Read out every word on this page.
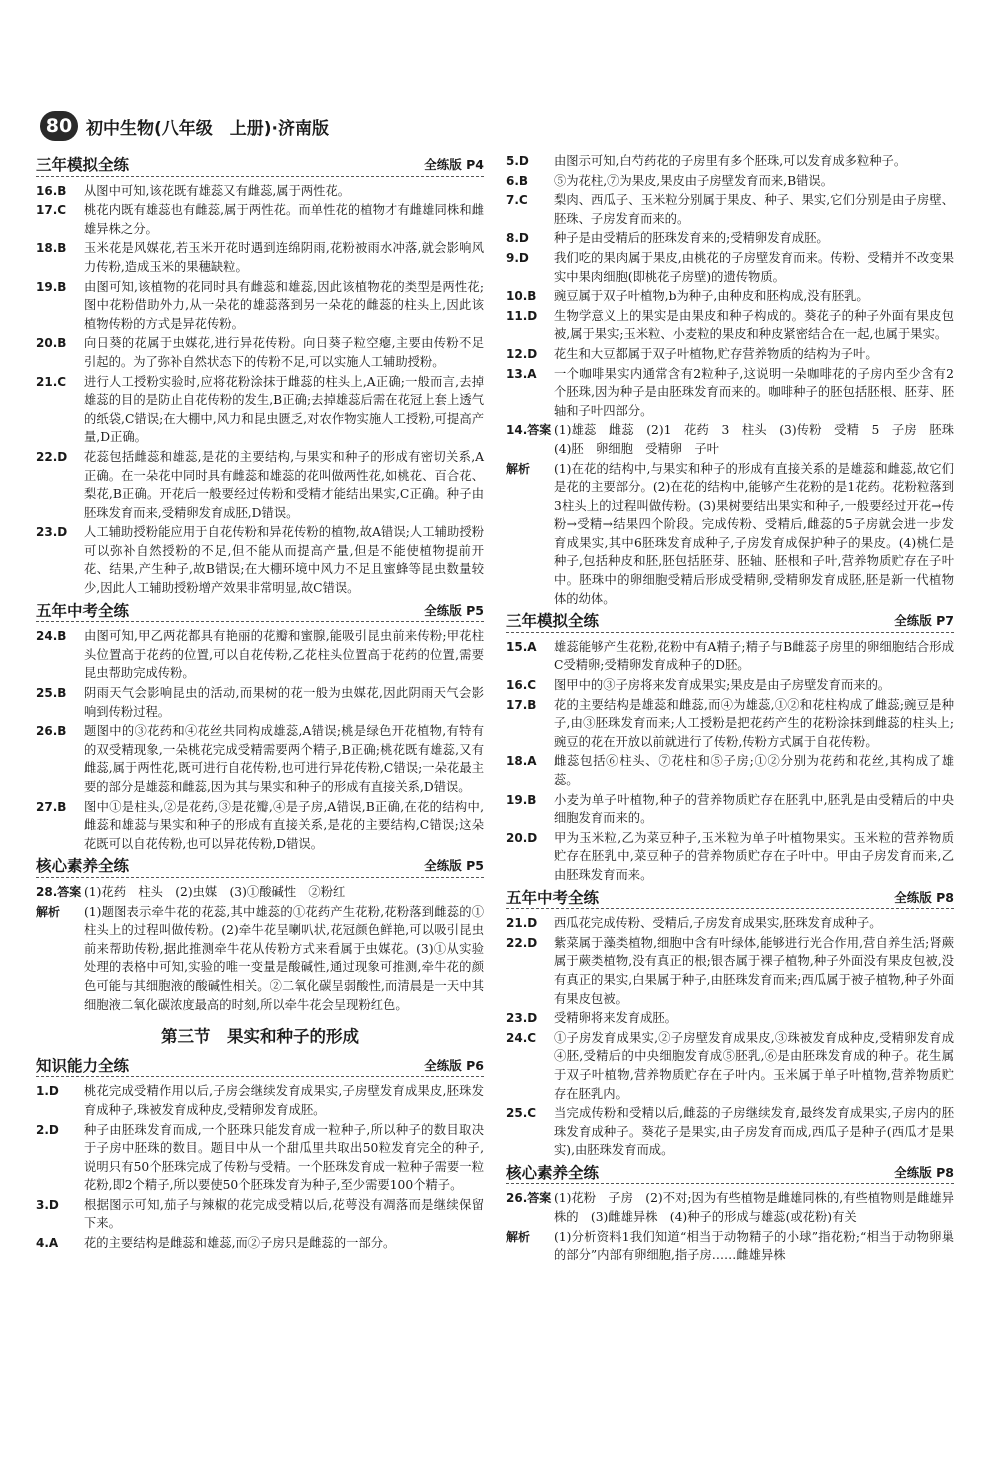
80 初中生物(八年级　上册)·济南版
三年模拟全练	全练版 P4
16.B	从图中可知,该花既有雄蕊又有雌蕊,属于两性花。
17.C	桃花内既有雄蕊也有雌蕊,属于两性花。而单性花的植物才有雌雄同株和雌雄异株之分。
18.B	玉米花是风媒花,若玉米开花时遇到连绵阴雨,花粉被雨水冲落,就会影响风力传粉,造成玉米的果穗缺粒。
19.B	由图可知,该植物的花同时具有雌蕊和雄蕊,因此该植物花的类型是两性花;图中花粉借助外力,从一朵花的雄蕊落到另一朵花的雌蕊的柱头上,因此该植物传粉的方式是异花传粉。
20.B	向日葵的花属于虫媒花,进行异花传粉。向日葵子粒空瘪,主要由传粉不足引起的。为了弥补自然状态下的传粉不足,可以实施人工辅助授粉。
21.C	进行人工授粉实验时,应将花粉涂抹于雌蕊的柱头上,A正确;一般而言,去掉雄蕊的目的是防止自花传粉的发生,B正确;去掉雄蕊后需在花冠上套上透气的纸袋,C错误;在大棚中,风力和昆虫匮乏,对农作物实施人工授粉,可提高产量,D正确。
22.D	花蕊包括雌蕊和雄蕊,是花的主要结构,与果实和种子的形成有密切关系,A正确。在一朵花中同时具有雌蕊和雄蕊的花叫做两性花,如桃花、百合花、梨花,B正确。开花后一般要经过传粉和受精才能结出果实,C正确。种子由胚珠发育而来,受精卵发育成胚,D错误。
23.D	人工辅助授粉能应用于自花传粉和异花传粉的植物,故A错误;人工辅助授粉可以弥补自然授粉的不足,但不能从而提高产量,但是不能使植物提前开花、结果,产生种子,故B错误;在大棚环境中风力不足且蜜蜂等昆虫数量较少,因此人工辅助授粉增产效果非常明显,故C错误。
五年中考全练	全练版 P5
24.B	由图可知,甲乙两花都具有艳丽的花瓣和蜜腺,能吸引昆虫前来传粉;甲花柱头位置高于花药的位置,可以自花传粉,乙花柱头位置高于花药的位置,需要昆虫帮助完成传粉。
25.B	阴雨天气会影响昆虫的活动,而果树的花一般为虫媒花,因此阴雨天气会影响到传粉过程。
26.B	题图中的③花药和④花丝共同构成雄蕊,A错误;桃是绿色开花植物,有特有的双受精现象,一朵桃花完成受精需要两个精子,B正确;桃花既有雄蕊,又有雌蕊,属于两性花,既可进行自花传粉,也可进行异花传粉,C错误;一朵花最主要的部分是雄蕊和雌蕊,因为其与果实和种子的形成有直接关系,D错误。
27.B	图中①是柱头,②是花药,③是花瓣,④是子房,A错误,B正确,在花的结构中,雌蕊和雄蕊与果实和种子的形成有直接关系,是花的主要结构,C错误;这朵花既可以自花传粉,也可以异花传粉,D错误。
核心素养全练	全练版 P5
28.答案 (1)花药　柱头　(2)虫媒　(3)①酸碱性　②粉红
解析	(1)题图表示牵牛花的花蕊,其中雄蕊的①花药产生花粉,花粉落到雌蕊的①柱头上的过程叫做传粉。(2)牵牛花呈喇叭状,花冠颜色鲜艳,可以吸引昆虫前来帮助传粉,据此推测牵牛花从传粉方式来看属于虫媒花。(3)①从实验处理的表格中可知,实验的唯一变量是酸碱性,通过现象可推测,牵牛花的颜色可能与其细胞液的酸碱性相关。②二氧化碳呈弱酸性,而清晨是一天中其细胞液二氧化碳浓度最高的时刻,所以牵牛花会呈现粉红色。
第三节　果实和种子的形成
知识能力全练	全练版 P6
1.D	桃花完成受精作用以后,子房会继续发育成果实,子房壁发育成果皮,胚珠发育成种子,珠被发育成种皮,受精卵发育成胚。
2.D	种子由胚珠发育而成,一个胚珠只能发育成一粒种子,所以种子的数目取决于子房中胚珠的数目。题目中从一个甜瓜里共取出50粒发育完全的种子,说明只有50个胚珠完成了传粉与受精。一个胚珠发育成一粒种子需要一粒花粉,即2个精子,所以要使50个胚珠发育为种子,至少需要100个精子。
3.D	根据图示可知,茄子与辣椒的花完成受精以后,花萼没有凋落而是继续保留下来。
4.A	花的主要结构是雌蕊和雄蕊,而②子房只是雌蕊的一部分。
5.D	由图示可知,白芍药花的子房里有多个胚珠,可以发育成多粒种子。
6.B	⑤为花柱,⑦为果皮,果皮由子房壁发育而来,B错误。
7.C	梨肉、西瓜子、玉米粒分别属于果皮、种子、果实,它们分别是由子房壁、胚珠、子房发育而来的。
8.D	种子是由受精后的胚珠发育来的;受精卵发育成胚。
9.D	我们吃的果肉属于果皮,由桃花的子房壁发育而来。传粉、受精并不改变果实中果肉细胞(即桃花子房壁)的遗传物质。
10.B	豌豆属于双子叶植物,b为种子,由种皮和胚构成,没有胚乳。
11.D	生物学意义上的果实是由果皮和种子构成的。葵花子的种子外面有果皮包被,属于果实;玉米粒、小麦粒的果皮和种皮紧密结合在一起,也属于果实。
12.D	花生和大豆都属于双子叶植物,贮存营养物质的结构为子叶。
13.A	一个咖啡果实内通常含有2粒种子,这说明一朵咖啡花的子房内至少含有2个胚珠,因为种子是由胚珠发育而来的。咖啡种子的胚包括胚根、胚芽、胚轴和子叶四部分。
14.答案 (1)雄蕊　雌蕊　(2)1　花药　3　柱头　(3)传粉　受精　5　子房　胚珠　(4)胚　卵细胞　受精卵　子叶
解析	(1)在花的结构中,与果实和种子的形成有直接关系的是雄蕊和雌蕊,故它们是花的主要部分。(2)在花的结构中,能够产生花粉的是1花药。花粉粒落到3柱头上的过程叫做传粉。(3)果树要结出果实和种子,一般要经过开花→传粉→受精→结果四个阶段。完成传粉、受精后,雌蕊的5子房就会进一步发育成果实,其中6胚珠发育成种子,子房发育成保护种子的果皮。(4)桃仁是种子,包括种皮和胚,胚包括胚芽、胚轴、胚根和子叶,营养物质贮存在子叶中。胚珠中的卵细胞受精后形成受精卵,受精卵发育成胚,胚是新一代植物体的幼体。
三年模拟全练	全练版 P7
15.A	雄蕊能够产生花粉,花粉中有A精子;精子与B雌蕊子房里的卵细胞结合形成C受精卵;受精卵发育成种子的D胚。
16.C	图甲中的③子房将来发育成果实;果皮是由子房壁发育而来的。
17.B	花的主要结构是雄蕊和雌蕊,而④为雄蕊,①②和花柱构成了雌蕊;豌豆是种子,由③胚珠发育而来;人工授粉是把花药产生的花粉涂抹到雌蕊的柱头上;豌豆的花在开放以前就进行了传粉,传粉方式属于自花传粉。
18.A	雌蕊包括⑥柱头、⑦花柱和⑤子房;①②分别为花药和花丝,其构成了雄蕊。
19.B	小麦为单子叶植物,种子的营养物质贮存在胚乳中,胚乳是由受精后的中央细胞发育而来的。
20.D	甲为玉米粒,乙为菜豆种子,玉米粒为单子叶植物果实。玉米粒的营养物质贮存在胚乳中,菜豆种子的营养物质贮存在子叶中。甲由子房发育而来,乙由胚珠发育而来。
五年中考全练	全练版 P8
21.D	西瓜花完成传粉、受精后,子房发育成果实,胚珠发育成种子。
22.D	紫菜属于藻类植物,细胞中含有叶绿体,能够进行光合作用,营自养生活;肾蕨属于蕨类植物,没有真正的根;银杏属于裸子植物,种子外面没有果皮包被,没有真正的果实,白果属于种子,由胚珠发育而来;西瓜属于被子植物,种子外面有果皮包被。
23.D	受精卵将来发育成胚。
24.C	①子房发育成果实,②子房壁发育成果皮,③珠被发育成种皮,受精卵发育成④胚,受精后的中央细胞发育成⑤胚乳,⑥是由胚珠发育成的种子。花生属于双子叶植物,营养物质贮存在子叶内。玉米属于单子叶植物,营养物质贮存在胚乳内。
25.C	当完成传粉和受精以后,雌蕊的子房继续发育,最终发育成果实,子房内的胚珠发育成种子。葵花子是果实,由子房发育而成,西瓜子是种子(西瓜才是果实),由胚珠发育而成。
核心素养全练	全练版 P8
26.答案 (1)花粉　子房　(2)不对;因为有些植物是雌雄同株的,有些植物则是雌雄异株的　(3)雌雄异株　(4)种子的形成与雄蕊(或花粉)有关
解析	(1)分析资料1我们知道“相当于动物精子的小球”指花粉;“相当于动物卵巢的部分”内部有卵细胞,指子房……雌雄异株
